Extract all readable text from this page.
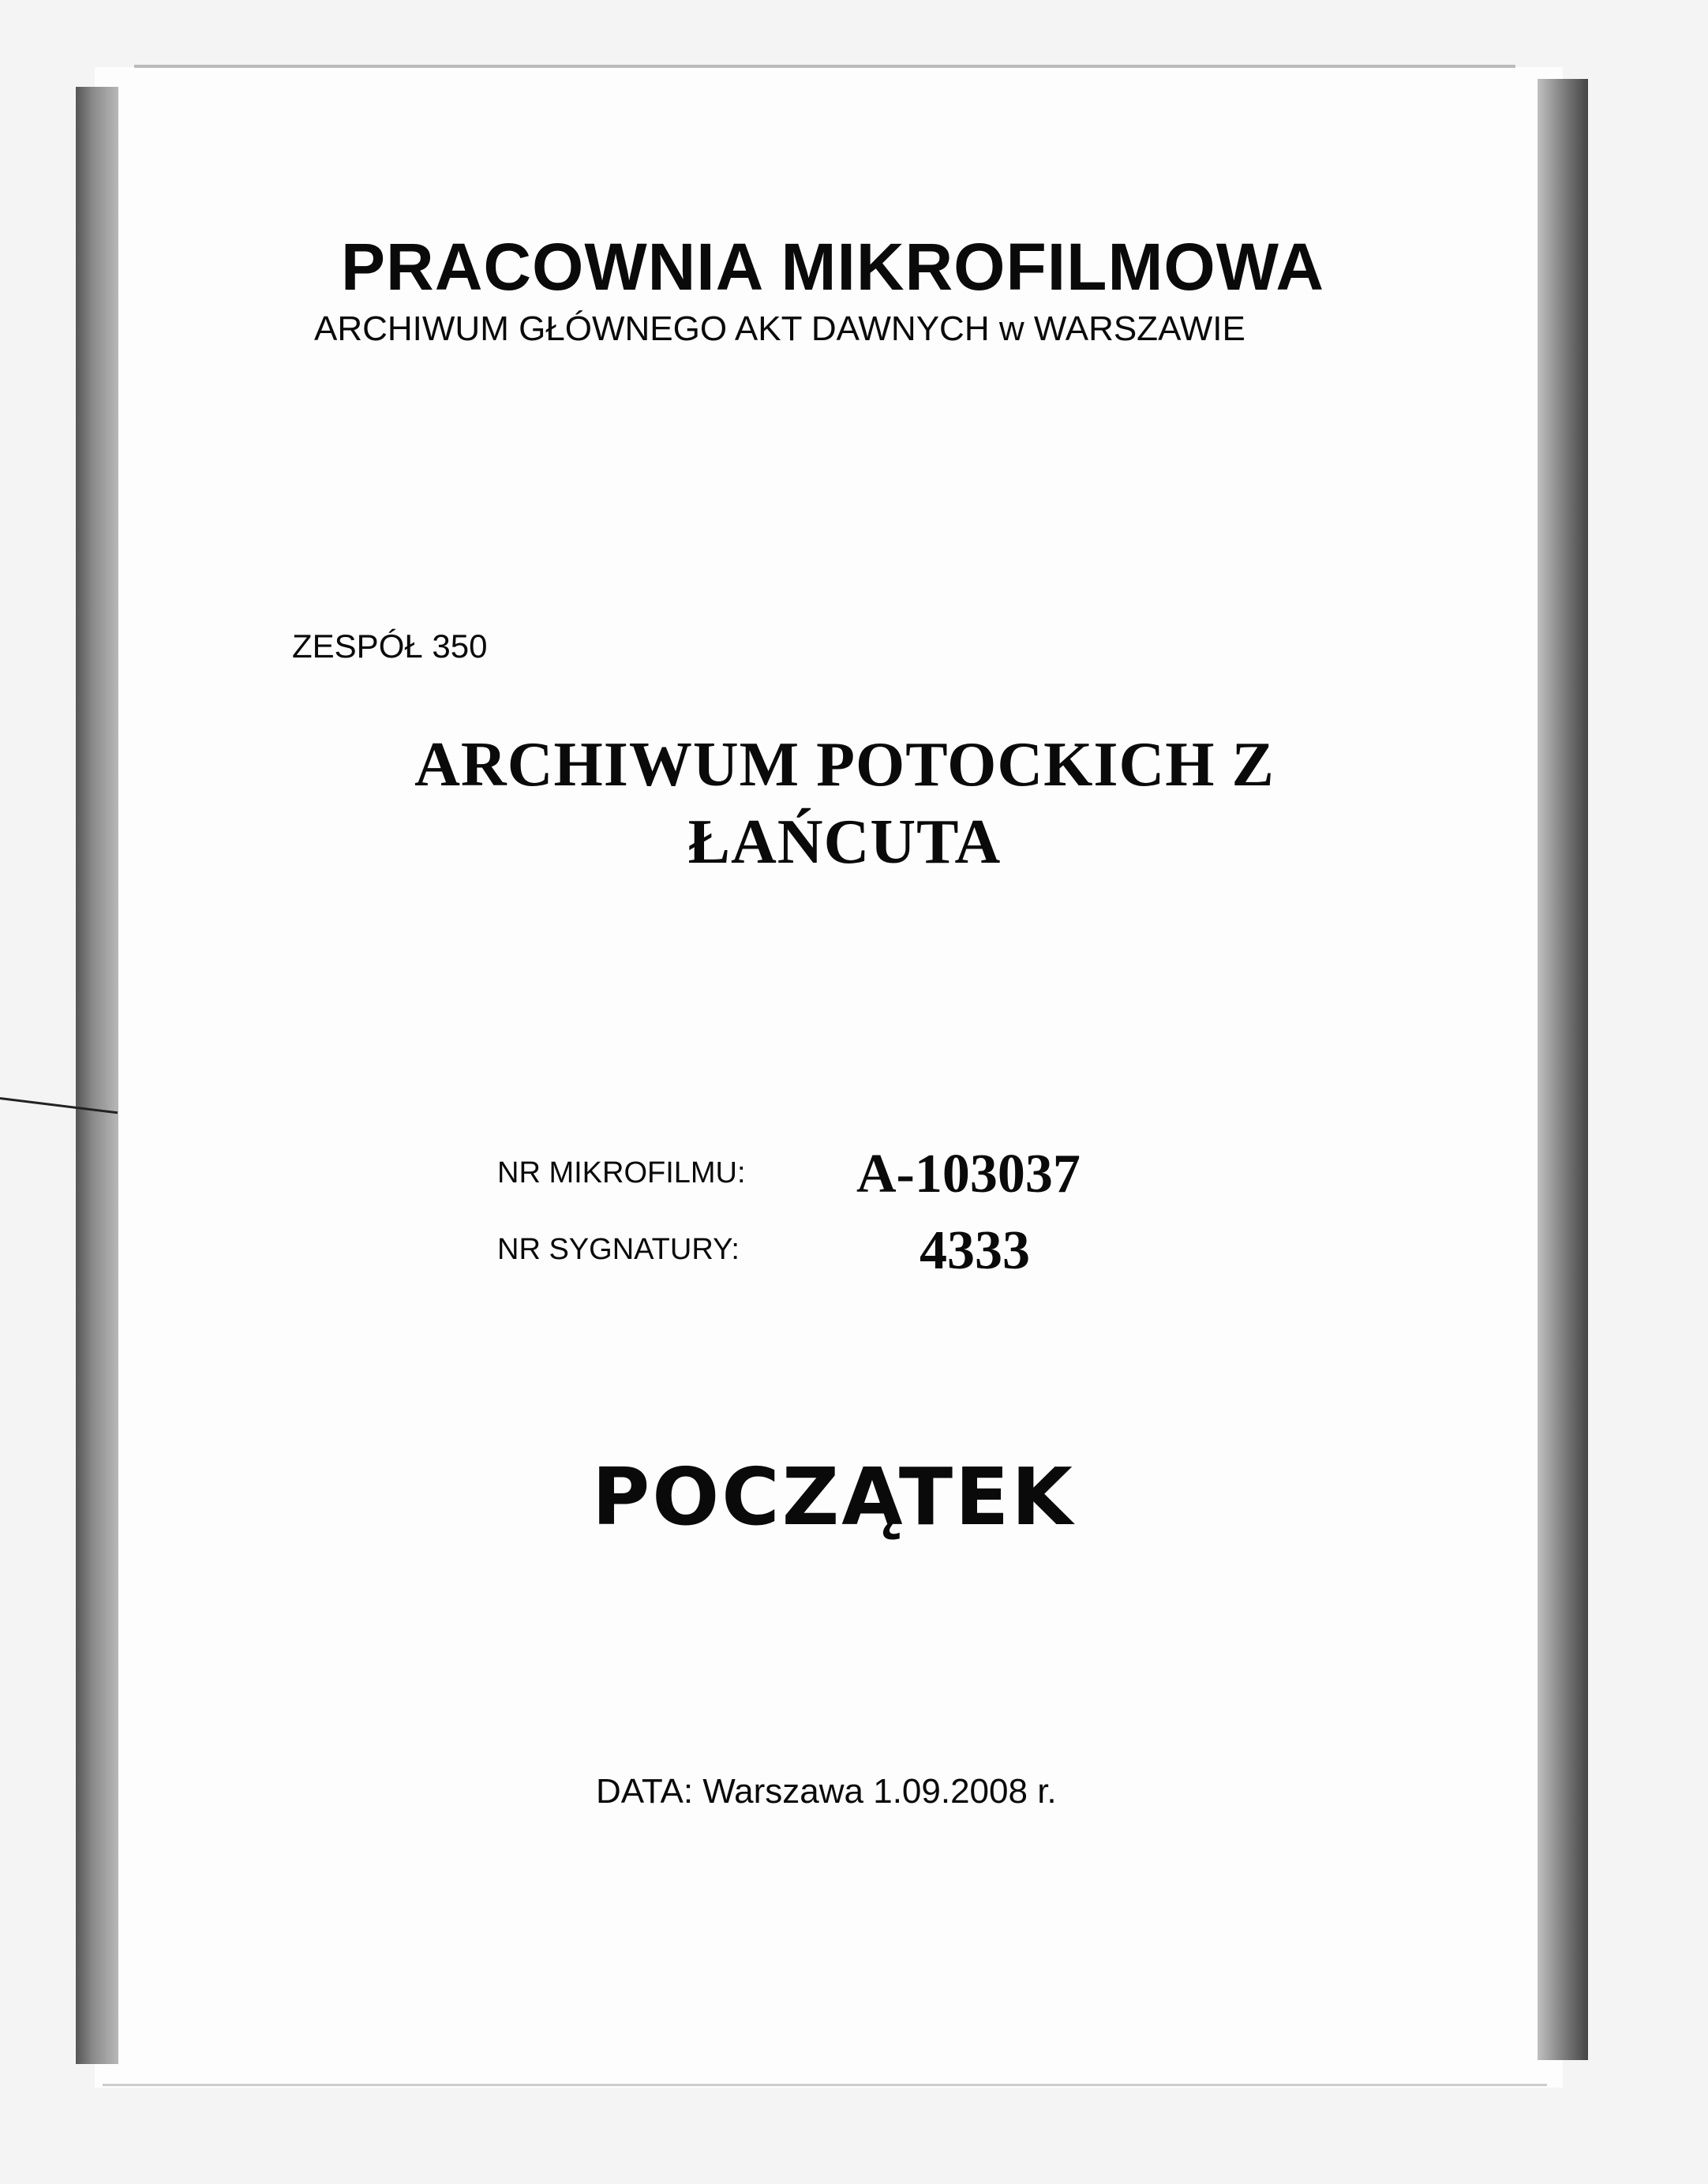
PRACOWNIA MIKROFILMOWA
ARCHIWUM GŁÓWNEGO AKT DAWNYCH w WARSZAWIE
ZESPÓŁ 350
ARCHIWUM POTOCKICH Z ŁAŃCUTA
NR MIKROFILMU: A-103037
NR SYGNATURY:	4333
POCZĄTEK
DATA: Warszawa 1.09.2008 r.
